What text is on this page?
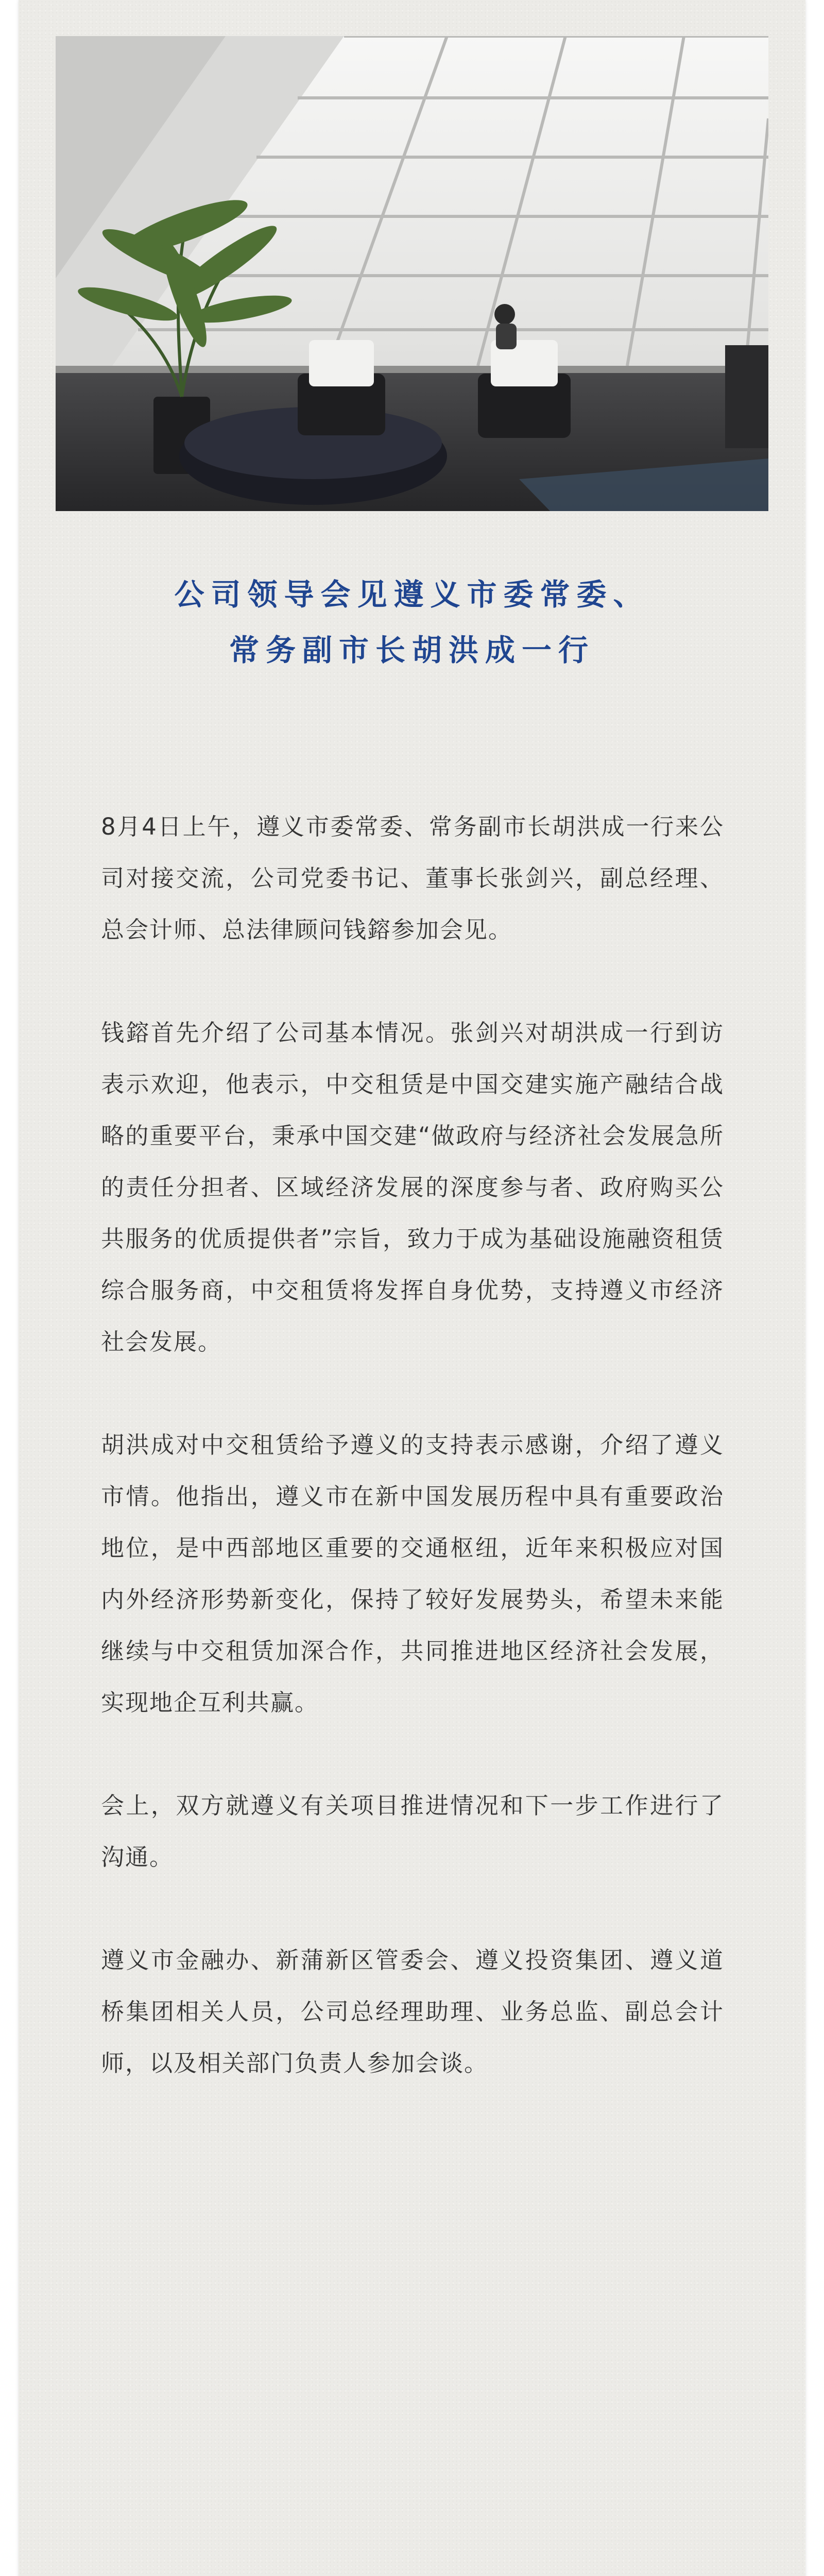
公司领导会见遵义市委常委、
常务副市长胡洪成一行

8月4日上午，遵义市委常委、常务副市长胡洪成一行来公司对接交流，公司党委书记、董事长张剑兴，副总经理、总会计师、总法律顾问钱鎔参加会见。

钱鎔首先介绍了公司基本情况。张剑兴对胡洪成一行到访表示欢迎，他表示，中交租赁是中国交建实施产融结合战略的重要平台，秉承中国交建“做政府与经济社会发展急所的责任分担者、区域经济发展的深度参与者、政府购买公共服务的优质提供者”宗旨，致力于成为基础设施融资租赁综合服务商，中交租赁将发挥自身优势，支持遵义市经济社会发展。

胡洪成对中交租赁给予遵义的支持表示感谢，介绍了遵义市情。他指出，遵义市在新中国发展历程中具有重要政治地位，是中西部地区重要的交通枢纽，近年来积极应对国内外经济形势新变化，保持了较好发展势头，希望未来能继续与中交租赁加深合作，共同推进地区经济社会发展，实现地企互利共赢。

会上，双方就遵义有关项目推进情况和下一步工作进行了沟通。

遵义市金融办、新蒲新区管委会、遵义投资集团、遵义道桥集团相关人员，公司总经理助理、业务总监、副总会计师，以及相关部门负责人参加会谈。
